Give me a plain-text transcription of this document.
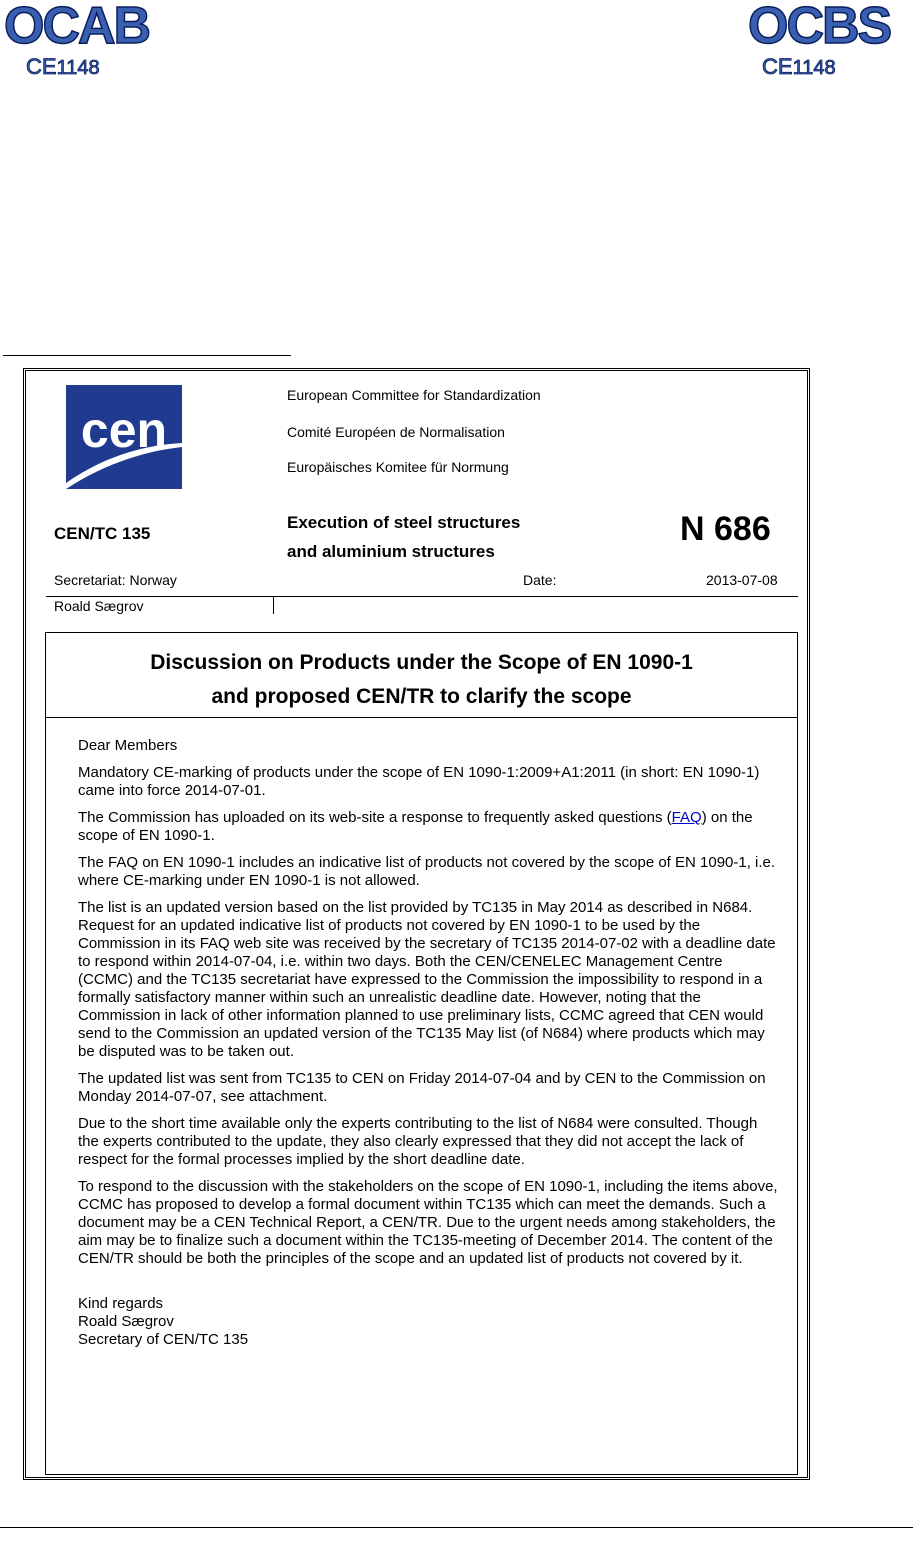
OCAB
CE1148
OCBS
CE1148
cen
European Committee for Standardization
Comité Européen de Normalisation
Europäisches Komitee für Normung
CEN/TC 135
Execution of steel structures
and aluminium structures
N 686
Secretariat: Norway	Date:	2013-07-08
Roald Sægrov
Discussion on Products under the Scope of EN 1090-1
and proposed CEN/TR to clarify the scope

Dear Members

Mandatory CE-marking of products under the scope of EN 1090-1:2009+A1:2011 (in short: EN 1090-1) came into force 2014-07-01.

The Commission has uploaded on its web-site a response to frequently asked questions (FAQ) on the scope of EN 1090-1.

The FAQ on EN 1090-1 includes an indicative list of products not covered by the scope of EN 1090-1, i.e. where CE-marking under EN 1090-1 is not allowed.

The list is an updated version based on the list provided by TC135 in May 2014 as described in N684. Request for an updated indicative list of products not covered by EN 1090-1 to be used by the Commission in its FAQ web site was received by the secretary of TC135 2014-07-02 with a deadline date to respond within 2014-07-04, i.e. within two days. Both the CEN/CENELEC Management Centre (CCMC) and the TC135 secretariat have expressed to the Commission the impossibility to respond in a formally satisfactory manner within such an unrealistic deadline date. However, noting that the Commission in lack of other information planned to use preliminary lists, CCMC agreed that CEN would send to the Commission an updated version of the TC135 May list (of N684) where products which may be disputed was to be taken out.

The updated list was sent from TC135 to CEN on Friday 2014-07-04 and by CEN to the Commission on Monday 2014-07-07, see attachment.

Due to the short time available only the experts contributing to the list of N684 were consulted. Though the experts contributed to the update, they also clearly expressed that they did not accept the lack of respect for the formal processes implied by the short deadline date.

To respond to the discussion with the stakeholders on the scope of EN 1090-1, including the items above, CCMC has proposed to develop a formal document within TC135 which can meet the demands. Such a document may be a CEN Technical Report, a CEN/TR. Due to the urgent needs among stakeholders, the aim may be to finalize such a document within the TC135-meeting of December 2014. The content of the CEN/TR should be both the principles of the scope and an updated list of products not covered by it.

Kind regards
Roald Sægrov
Secretary of CEN/TC 135
